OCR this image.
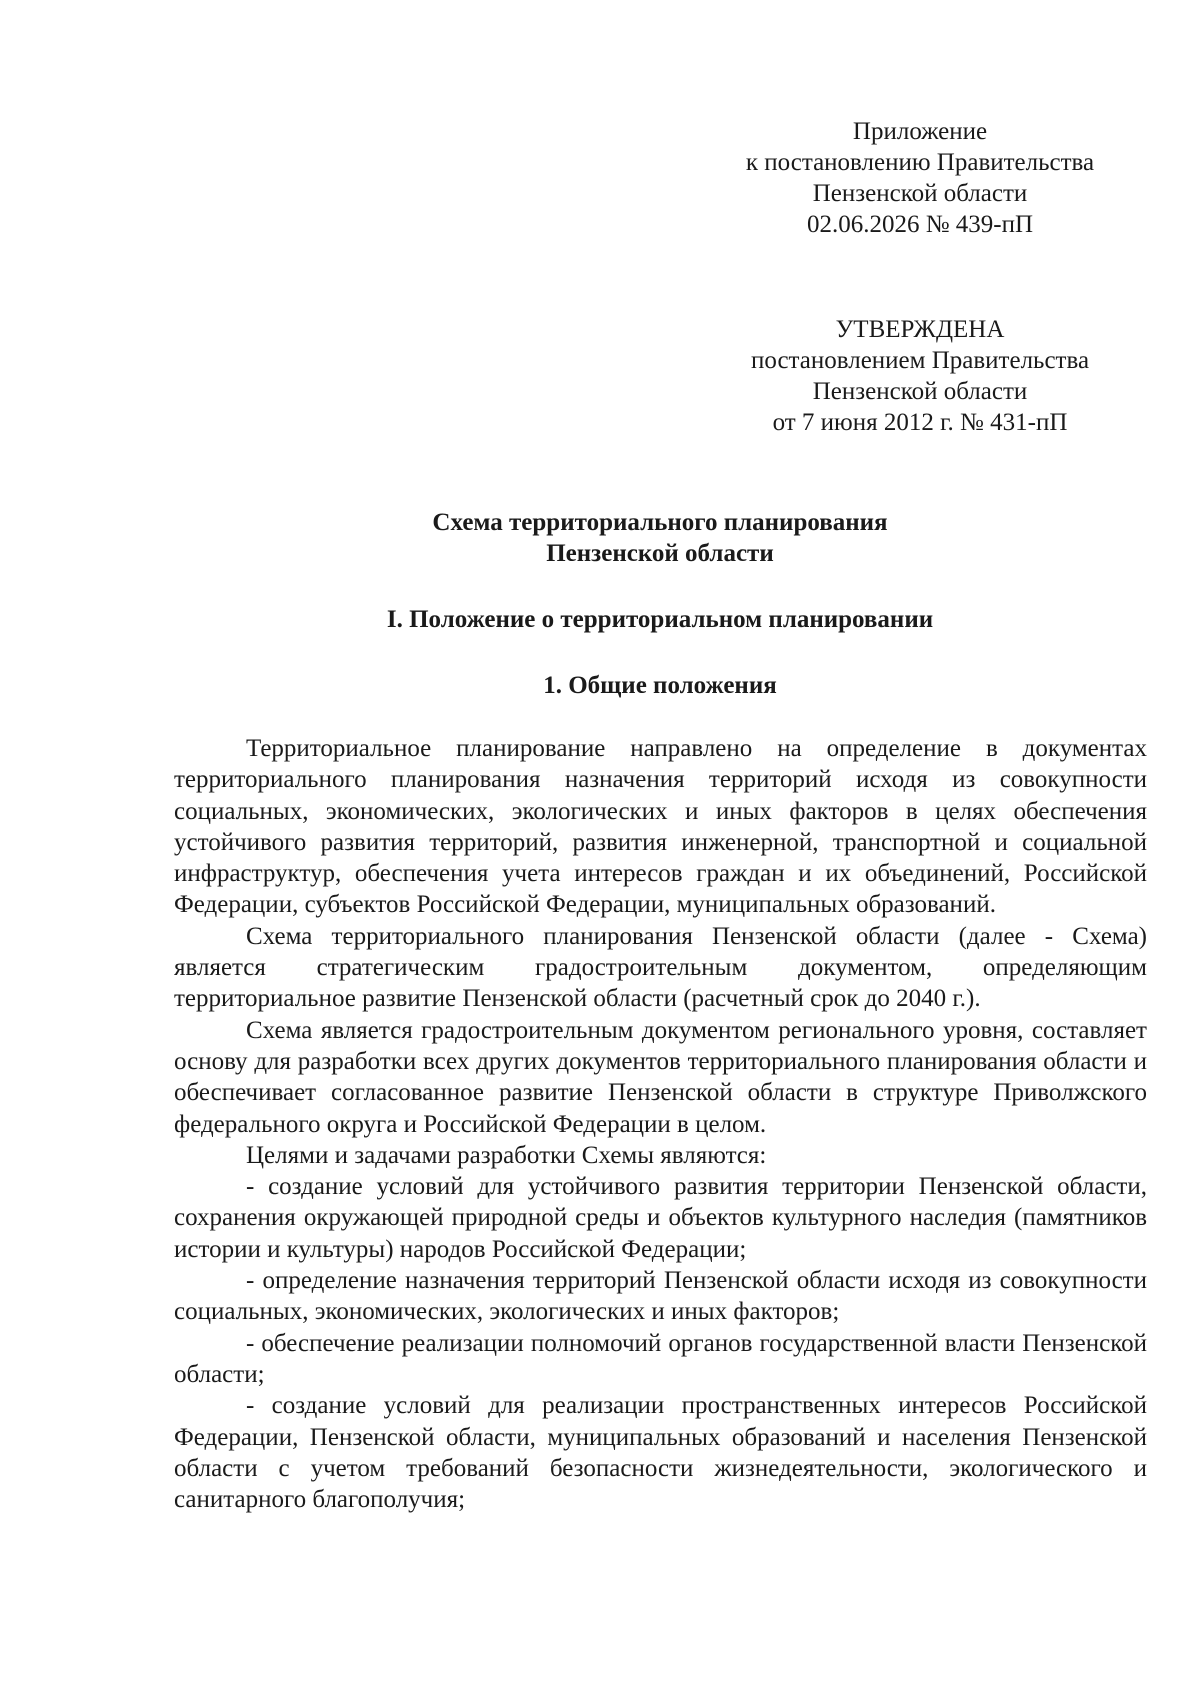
Приложение
к постановлению Правительства
Пензенской области
02.06.2026 № 439-пП
УТВЕРЖДЕНА
постановлением Правительства
Пензенской области
от 7 июня 2012 г. № 431-пП
Схема территориального планирования
Пензенской области
I. Положение о территориальном планировании
1. Общие положения

Территориальное планирование направлено на определение в документах территориального планирования назначения территорий исходя из совокупности социальных, экономических, экологических и иных факторов в целях обеспечения устойчивого развития территорий, развития инженерной, транспортной и социальной инфраструктур, обеспечения учета интересов граждан и их объединений, Российской Федерации, субъектов Российской Федерации, муниципальных образований.

Схема территориального планирования Пензенской области (далее - Схема) является стратегическим градостроительным документом, определяющим территориальное развитие Пензенской области (расчетный срок до 2040 г.).

Схема является градостроительным документом регионального уровня, составляет основу для разработки всех других документов территориального планирования области и обеспечивает согласованное развитие Пензенской области в структуре Приволжского федерального округа и Российской Федерации в целом.

Целями и задачами разработки Схемы являются:

- создание условий для устойчивого развития территории Пензенской области, сохранения окружающей природной среды и объектов культурного наследия (памятников истории и культуры) народов Российской Федерации;

- определение назначения территорий Пензенской области исходя из совокупности социальных, экономических, экологических и иных факторов;

- обеспечение реализации полномочий органов государственной власти Пензенской области;

- создание условий для реализации пространственных интересов Российской Федерации, Пензенской области, муниципальных образований и населения Пензенской области с учетом требований безопасности жизнедеятельности, экологического и санитарного благополучия;
